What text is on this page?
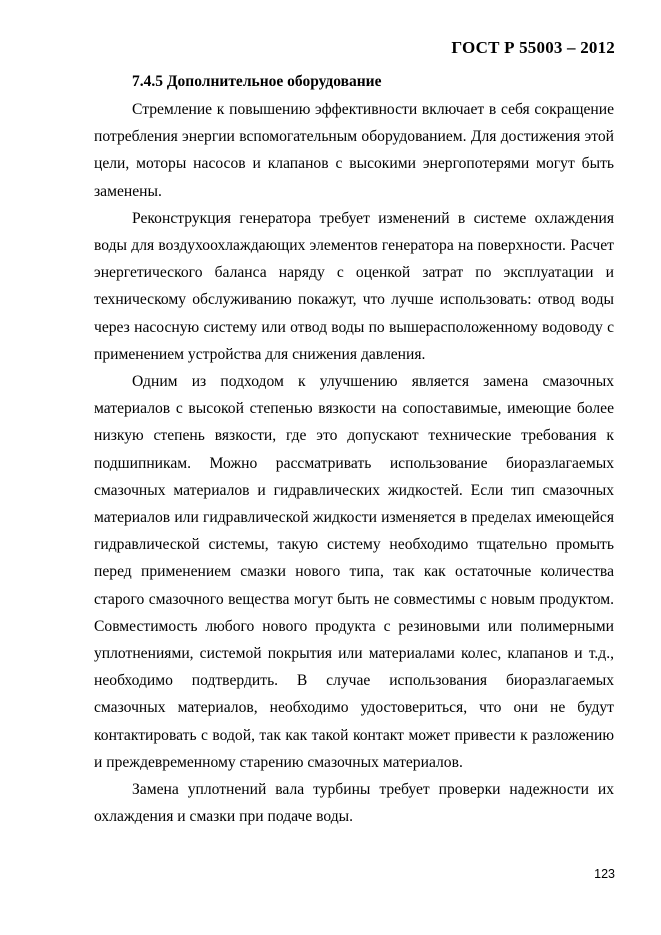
ГОСТ Р 55003 – 2012
7.4.5 Дополнительное оборудование

Стремление к повышению эффективности включает в себя сокращение потребления энергии вспомогательным оборудованием. Для достижения этой цели, моторы насосов и клапанов с высокими энергопотерями могут быть заменены.

Реконструкция генератора требует изменений в системе охлаждения воды для воздухоохлаждающих элементов генератора на поверхности. Расчет энергетического баланса наряду с оценкой затрат по эксплуатации и техническому обслуживанию покажут, что лучше использовать: отвод воды через насосную систему или отвод воды по вышерасположенному водоводу с применением устройства для снижения давления.

Одним из подходом к улучшению является замена смазочных материалов с высокой степенью вязкости на сопоставимые, имеющие более низкую степень вязкости, где это допускают технические требования к подшипникам. Можно рассматривать использование биоразлагаемых смазочных материалов и гидравлических жидкостей. Если тип смазочных материалов или гидравлической жидкости изменяется в пределах имеющейся гидравлической системы, такую систему необходимо тщательно промыть перед применением смазки нового типа, так как остаточные количества старого смазочного вещества могут быть не совместимы с новым продуктом. Совместимость любого нового продукта с резиновыми или полимерными уплотнениями, системой покрытия или материалами колес, клапанов и т.д., необходимо подтвердить. В случае использования биоразлагаемых смазочных материалов, необходимо удостовериться, что они не будут контактировать с водой, так как такой контакт может привести к разложению и преждевременному старению смазочных материалов.

Замена уплотнений вала турбины требует проверки надежности их охлаждения и смазки при подаче воды.

123
